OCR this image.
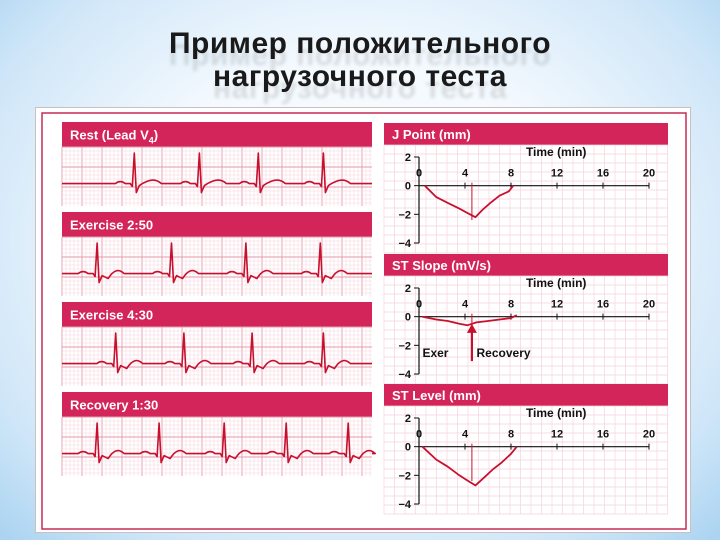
Пример положительного
нагрузочного теста
Rest (Lead $V_4$)
Exercise 2:50
Exercise 4:30
Recovery 1:30
J Point (mm)
2
0
−2
−4
0	4	8	12	16	20
Time (min)
ST Slope (mV/s)
2
0
−2
−4
0	4	8	12	16	20
Time (min)
Exer Recovery
ST Level (mm)
2
0
−2
−4
0	4	8	12	16	20
Time (min)
